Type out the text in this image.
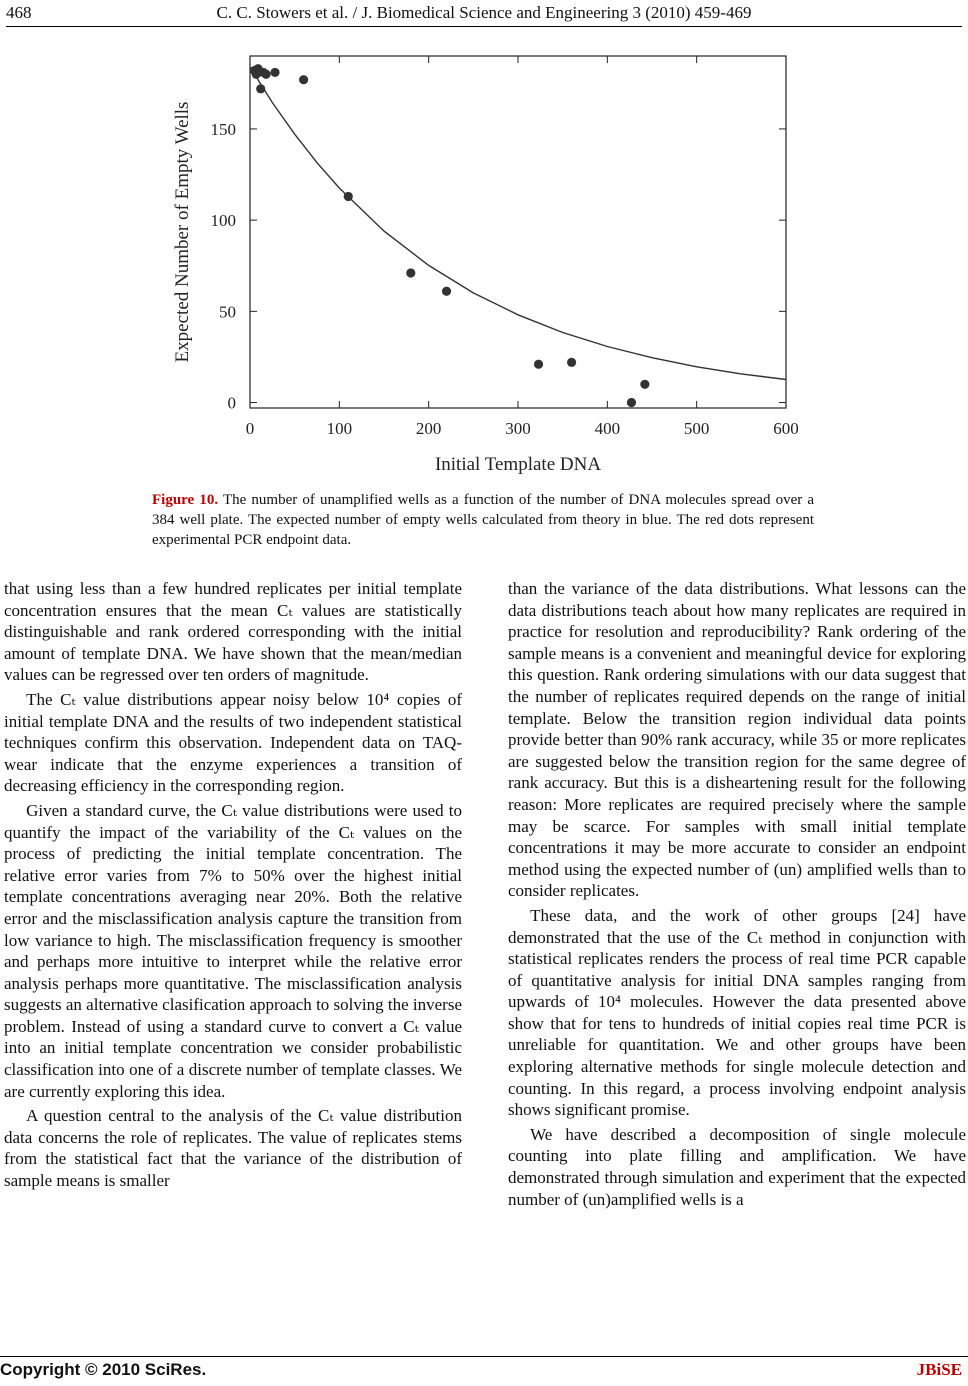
468	C. C. Stowers et al. / J. Biomedical Science and Engineering 3 (2010) 459-469
0	100	200	300	400	500	600
0
50
100
150
Initial Template DNA
Expected Number of Empty Wells
Figure 10. The number of unamplified wells as a function of the number of DNA molecules spread over a 384 well plate. The expected number of empty wells calculated from theory in blue. The red dots represent experimental PCR endpoint data.

that using less than a few hundred replicates per initial template concentration ensures that the mean Cₜ values are statistically distinguishable and rank ordered corresponding with the initial amount of template DNA. We have shown that the mean/median values can be regressed over ten orders of magnitude.

The Cₜ value distributions appear noisy below 10⁴ copies of initial template DNA and the results of two independent statistical techniques confirm this observation. Independent data on TAQ-wear indicate that the enzyme experiences a transition of decreasing efficiency in the corresponding region.

Given a standard curve, the Cₜ value distributions were used to quantify the impact of the variability of the Cₜ values on the process of predicting the initial template concentration. The relative error varies from 7% to 50% over the highest initial template concentrations averaging near 20%. Both the relative error and the misclassification analysis capture the transition from low variance to high. The misclassification frequency is smoother and perhaps more intuitive to interpret while the relative error analysis perhaps more quantitative. The misclassification analysis suggests an alternative clasification approach to solving the inverse problem. Instead of using a standard curve to convert a Cₜ value into an initial template concentration we consider probabilistic classification into one of a discrete number of template classes. We are currently exploring this idea.

A question central to the analysis of the Cₜ value distribution data concerns the role of replicates. The value of replicates stems from the statistical fact that the variance of the distribution of sample means is smaller

than the variance of the data distributions. What lessons can the data distributions teach about how many replicates are required in practice for resolution and reproducibility? Rank ordering of the sample means is a convenient and meaningful device for exploring this question. Rank ordering simulations with our data suggest that the number of replicates required depends on the range of initial template. Below the transition region individual data points provide better than 90% rank accuracy, while 35 or more replicates are suggested below the transition region for the same degree of rank accuracy. But this is a disheartening result for the following reason: More replicates are required precisely where the sample may be scarce. For samples with small initial template concentrations it may be more accurate to consider an endpoint method using the expected number of (un) amplified wells than to consider replicates.

These data, and the work of other groups [24] have demonstrated that the use of the Cₜ method in conjunction with statistical replicates renders the process of real time PCR capable of quantitative analysis for initial DNA samples ranging from upwards of 10⁴ molecules. However the data presented above show that for tens to hundreds of initial copies real time PCR is unreliable for quantitation. We and other groups have been exploring alternative methods for single molecule detection and counting. In this regard, a process involving endpoint analysis shows significant promise.

We have described a decomposition of single molecule counting into plate filling and amplification. We have demonstrated through simulation and experiment that the expected number of (un)amplified wells is a

Copyright © 2010 SciRes.	JBiSE
